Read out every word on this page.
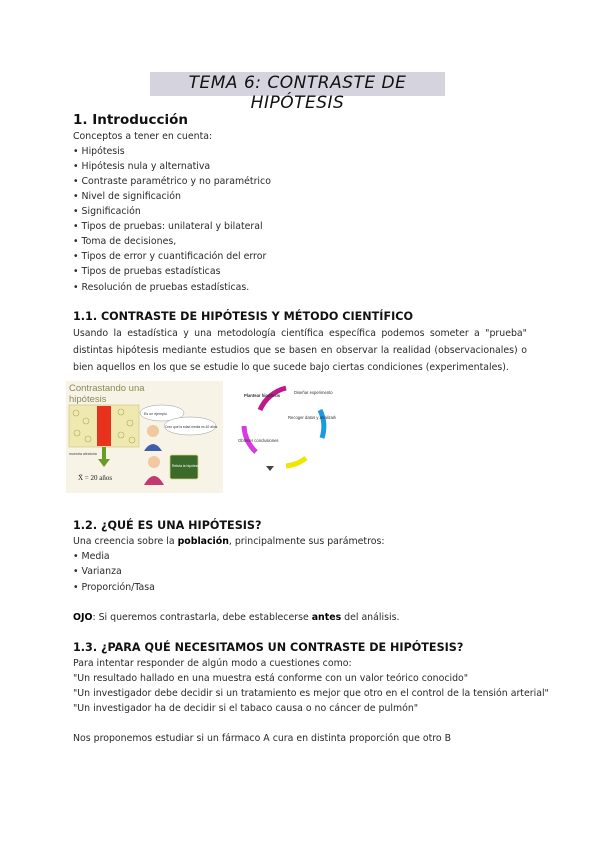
TEMA 6: CONTRASTE DE HIPÓTESIS
1. Introducción
Conceptos a tener en cuenta:
• Hipótesis
• Hipótesis nula y alternativa
• Contraste paramétrico y no paramétrico
• Nivel de significación
• Significación
• Tipos de pruebas: unilateral y bilateral
• Toma de decisiones,
• Tipos de error y cuantificación del error
• Tipos de pruebas estadísticas
• Resolución de pruebas estadísticas.
1.1. CONTRASTE DE HIPÓTESIS Y MÉTODO CIENTÍFICO
Usando la estadística y una metodología científica específica podemos someter a "prueba" distintas hipótesis mediante estudios que se basen en observar la realidad (observacionales) o bien aquellos en los que se estudie lo que sucede bajo ciertas condiciones (experimentales).
Contrastando una
hipótesis
muestra aleatoria
X̄ = 20 años
Es un ejemplo
Creo que la edad media es 40 años
Refuta la hipótesis
Plantear hipótesis
Diseñar experimento
Recoger datos y analizarlo
Obtener conclusiones
1.2. ¿QUÉ ES UNA HIPÓTESIS?
Una creencia sobre la población, principalmente sus parámetros:
• Media
• Varianza
• Proporción/Tasa
OJO: Si queremos contrastarla, debe establecerse antes del análisis.
1.3. ¿PARA QUÉ NECESITAMOS UN CONTRASTE DE HIPÓTESIS?
Para intentar responder de algún modo a cuestiones como:
"Un resultado hallado en una muestra está conforme con un valor teórico conocido"
"Un investigador debe decidir si un tratamiento es mejor que otro en el control de la tensión arterial"
"Un investigador ha de decidir si el tabaco causa o no cáncer de pulmón"
Nos proponemos estudiar si un fármaco A cura en distinta proporción que otro B
